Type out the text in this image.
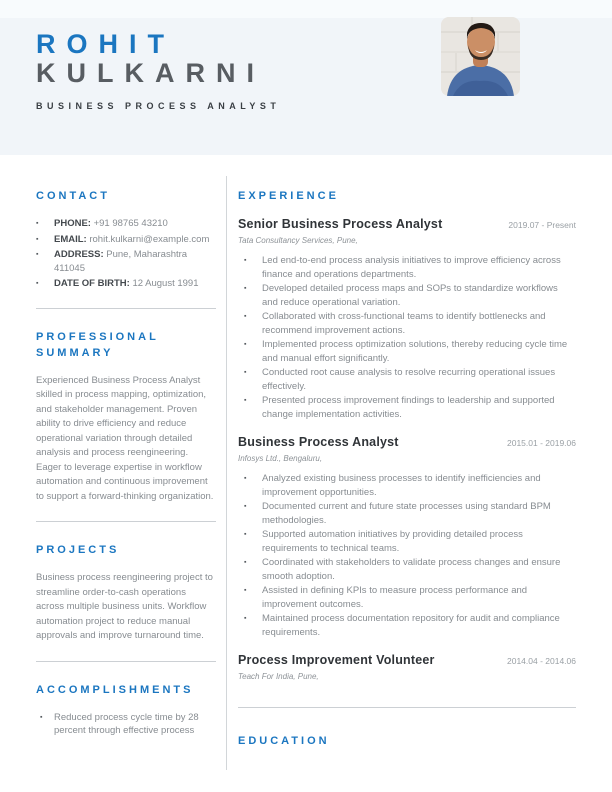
ROHIT
KULKARNI
BUSINESS PROCESS ANALYST
CONTACT
▪ PHONE: +91 98765 43210
▪ EMAIL: rohit.kulkarni@example.com
▪ ADDRESS: Pune, Maharashtra 411045
▪ DATE OF BIRTH: 12 August 1991
PROFESSIONAL SUMMARY

Experienced Business Process Analyst skilled in process mapping, optimization, and stakeholder management. Proven ability to drive efficiency and reduce operational variation through detailed analysis and process reengineering. Eager to leverage expertise in workflow automation and continuous improvement to support a forward-thinking organization.

PROJECTS

Business process reengineering project to streamline order-to-cash operations across multiple business units. Workflow automation project to reduce manual approvals and improve turnaround time.

ACCOMPLISHMENTS
▪ Reduced process cycle time by 28 percent through effective process
EXPERIENCE
Senior Business Process Analyst	2019.07 - Present
Tata Consultancy Services, Pune,
▪ Led end-to-end process analysis initiatives to improve efficiency across finance and operations departments.
▪ Developed detailed process maps and SOPs to standardize workflows and reduce operational variation.
▪ Collaborated with cross-functional teams to identify bottlenecks and recommend improvement actions.
▪ Implemented process optimization solutions, thereby reducing cycle time and manual effort significantly.
▪ Conducted root cause analysis to resolve recurring operational issues effectively.
▪ Presented process improvement findings to leadership and supported change implementation activities.
Business Process Analyst	2015.01 - 2019.06
Infosys Ltd., Bengaluru,
▪ Analyzed existing business processes to identify inefficiencies and improvement opportunities.
▪ Documented current and future state processes using standard BPM methodologies.
▪ Supported automation initiatives by providing detailed process requirements to technical teams.
▪ Coordinated with stakeholders to validate process changes and ensure smooth adoption.
▪ Assisted in defining KPIs to measure process performance and improvement outcomes.
▪ Maintained process documentation repository for audit and compliance requirements.
Process Improvement Volunteer	2014.04 - 2014.06
Teach For India, Pune,
EDUCATION
